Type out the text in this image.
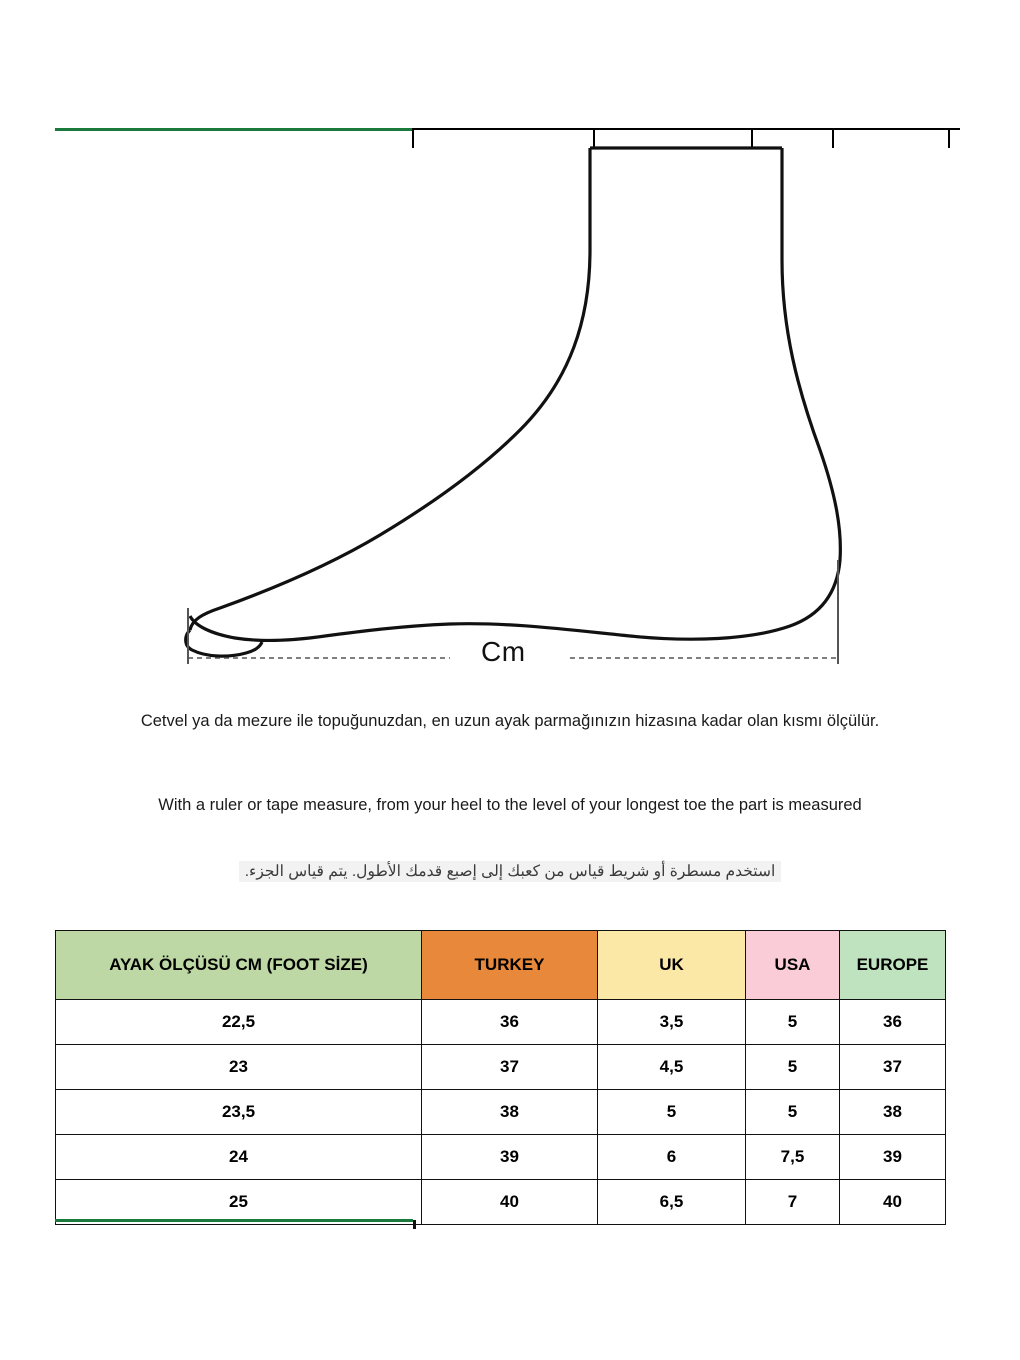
Cm
Cetvel ya da mezure ile topuğunuzdan, en uzun ayak parmağınızın hizasına kadar olan kısmı ölçülür.
With a ruler or tape measure, from your heel to the level of your longest toe the part is measured
استخدم مسطرة أو شريط قياس من كعبك إلى إصبع قدمك الأطول. يتم قياس الجزء.
AYAK ÖLÇÜSÜ CM (FOOT SİZE)	TURKEY	UK	USA	EUROPE
22,5	36	3,5	5	36
23	37	4,5	5	37
23,5	38	5	5	38
24	39	6	7,5	39
25	40	6,5	7	40
